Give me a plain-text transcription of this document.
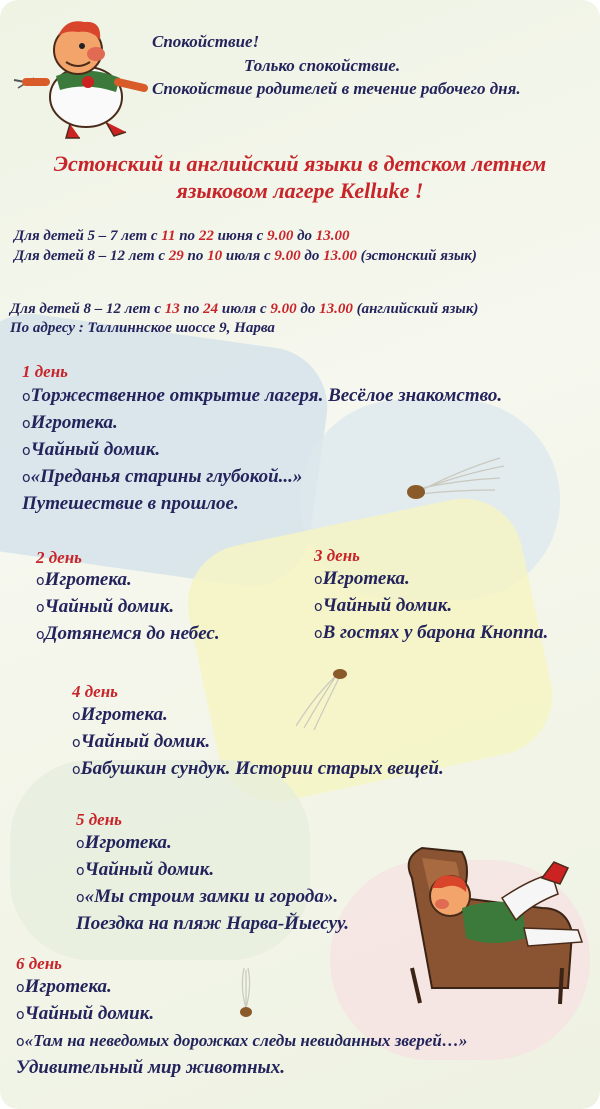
Спокойствие!
Только спокойствие.
Спокойствие родителей в течение рабочего дня.
Эстонский и английский языки в детском летнем
языковом лагере Kelluke !
Для детей 5 – 7 лет с 11 по 22 июня с 9.00 до 13.00
Для детей 8 – 12 лет с 29 по 10 июля с 9.00 до 13.00 (эстонский язык)
Для детей 8 – 12 лет с 13 по 24 июля с 9.00 до 13.00 (английский язык)
По адресу : Таллиннское шоссе 9, Нарва
1 день
oТоржественное открытие лагеря. Весёлое знакомство.
oИгротека.
oЧайный домик.
o«Преданья старины глубокой...»
Путешествие в прошлое.
2 день
oИгротека.
oЧайный домик.
oДотянемся до небес.
3 день
oИгротека.
oЧайный домик.
oВ гостях у барона Кноппа.
4 день
oИгротека.
oЧайный домик.
oБабушкин сундук. Истории старых вещей.
5 день
oИгротека.
oЧайный домик.
o«Мы строим замки и города».
Поездка на пляж Нарва-Йыесуу.
6 день
oИгротека.
oЧайный домик.
o«Там на неведомых дорожках следы невиданных зверей…»
Удивительный мир животных.
